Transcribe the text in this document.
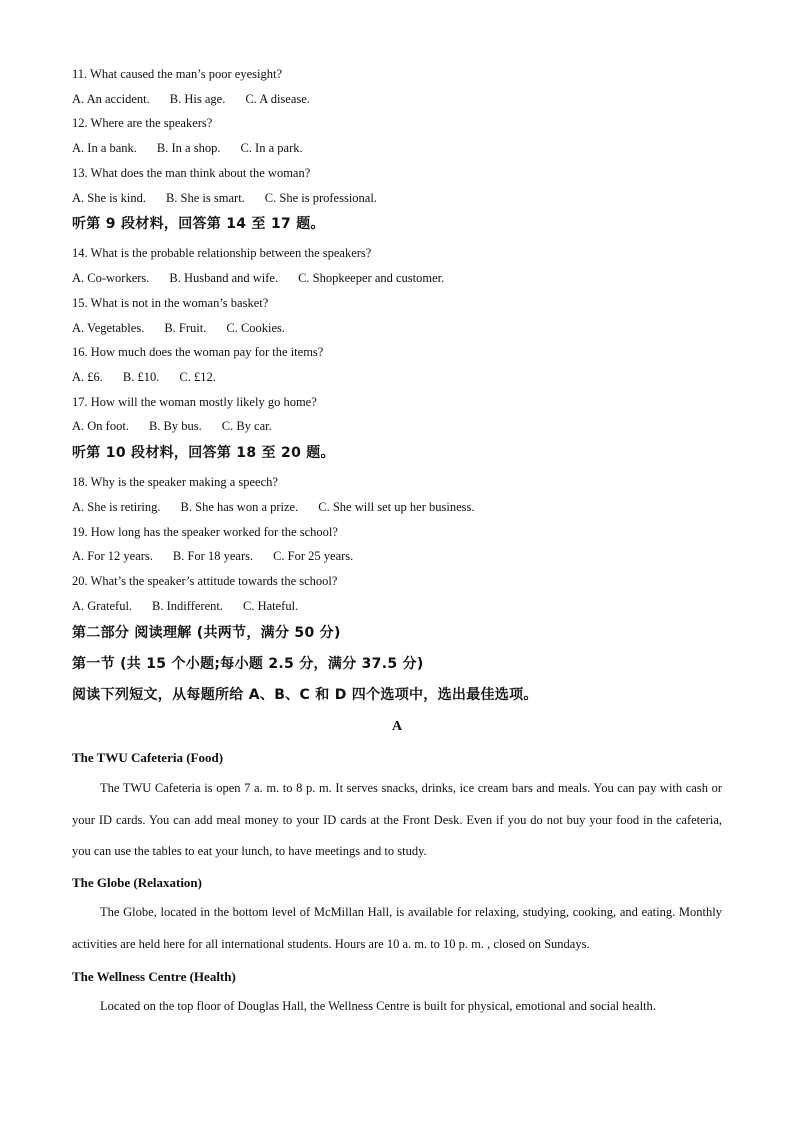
11. What caused the man’s poor eyesight?
A. An accident. B. His age. C. A disease.
12. Where are the speakers?
A. In a bank. B. In a shop. C. In a park.
13. What does the man think about the woman?
A. She is kind. B. She is smart. C. She is professional.
听第 9 段材料，回答第 14 至 17 题。
14. What is the probable relationship between the speakers?
A. Co-workers. B. Husband and wife. C. Shopkeeper and customer.
15. What is not in the woman’s basket?
A. Vegetables. B. Fruit. C. Cookies.
16. How much does the woman pay for the items?
A. £6. B. £10. C. £12.
17. How will the woman mostly likely go home?
A. On foot. B. By bus. C. By car.
听第 10 段材料，回答第 18 至 20 题。
18. Why is the speaker making a speech?
A. She is retiring. B. She has won a prize. C. She will set up her business.
19. How long has the speaker worked for the school?
A. For 12 years. B. For 18 years. C. For 25 years.
20. What’s the speaker’s attitude towards the school?
A. Grateful. B. Indifferent. C. Hateful.
第二部分 阅读理解 (共两节，满分 50 分)
第一节 (共 15 个小题;每小题 2.5 分，满分 37.5 分)
阅读下列短文，从每题所给 A、B、C 和 D 四个选项中，选出最佳选项。
A
The TWU Cafeteria (Food)
The TWU Cafeteria is open 7 a. m. to 8 p. m. It serves snacks, drinks, ice cream bars and meals. You can pay with cash or your ID cards. You can add meal money to your ID cards at the Front Desk. Even if you do not buy your food in the cafeteria, you can use the tables to eat your lunch, to have meetings and to study.
The Globe (Relaxation)
The Globe, located in the bottom level of McMillan Hall, is available for relaxing, studying, cooking, and eating. Monthly activities are held here for all international students. Hours are 10 a. m. to 10 p. m. , closed on Sundays.
The Wellness Centre (Health)
Located on the top floor of Douglas Hall, the Wellness Centre is built for physical, emotional and social health.
